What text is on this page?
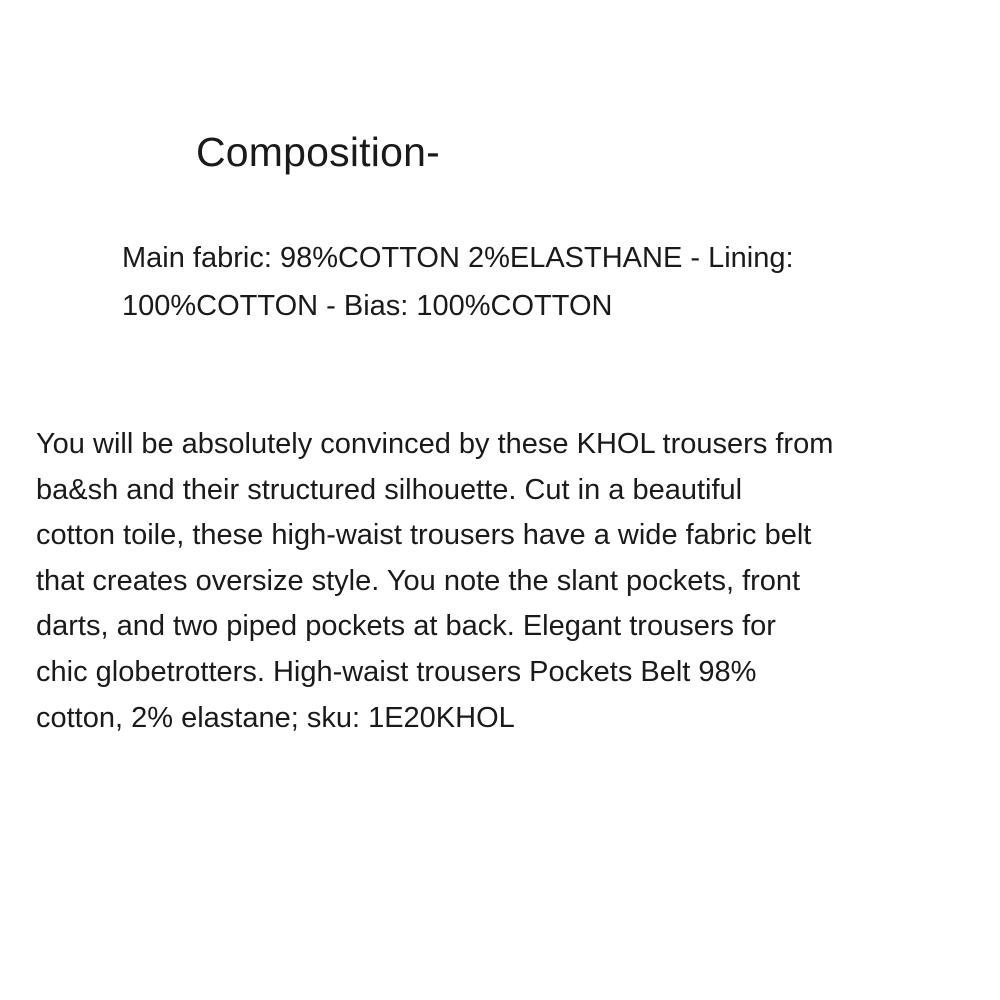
Composition-

Main fabric: 98%COTTON 2%ELASTHANE - Lining:
100%COTTON - Bias: 100%COTTON

You will be absolutely convinced by these KHOL trousers from
ba&sh and their structured silhouette. Cut in a beautiful
cotton toile, these high-waist trousers have a wide fabric belt
that creates oversize style. You note the slant pockets, front
darts, and two piped pockets at back. Elegant trousers for
chic globetrotters. High-waist trousers Pockets Belt 98%
cotton, 2% elastane; sku: 1E20KHOL
